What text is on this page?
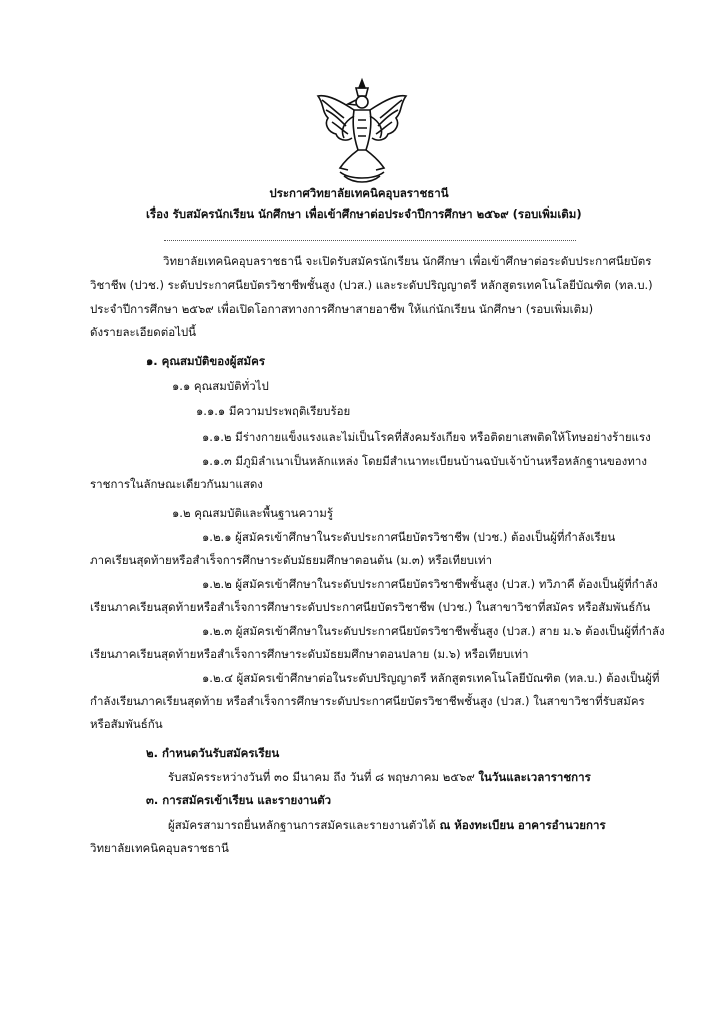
ประกาศวิทยาลัยเทคนิคอุบลราชธานี

เรื่อง รับสมัครนักเรียน นักศึกษา เพื่อเข้าศึกษาต่อประจำปีการศึกษา ๒๕๖๙ (รอบเพิ่มเติม)

วิทยาลัยเทคนิคอุบลราชธานี จะเปิดรับสมัครนักเรียน นักศึกษา เพื่อเข้าศึกษาต่อระดับประกาศนียบัตร

วิชาชีพ (ปวช.) ระดับประกาศนียบัตรวิชาชีพชั้นสูง (ปวส.) และระดับปริญญาตรี หลักสูตรเทคโนโลยีบัณฑิต (ทล.บ.)

ประจำปีการศึกษา ๒๕๖๙ เพื่อเปิดโอกาสทางการศึกษาสายอาชีพ ให้แก่นักเรียน นักศึกษา (รอบเพิ่มเติม)

ดังรายละเอียดต่อไปนี้

๑. คุณสมบัติของผู้สมัคร

๑.๑ คุณสมบัติทั่วไป

๑.๑.๑ มีความประพฤติเรียบร้อย

๑.๑.๒ มีร่างกายแข็งแรงและไม่เป็นโรคที่สังคมรังเกียจ หรือติดยาเสพติดให้โทษอย่างร้ายแรง

๑.๑.๓ มีภูมิลำเนาเป็นหลักแหล่ง โดยมีสำเนาทะเบียนบ้านฉบับเจ้าบ้านหรือหลักฐานของทาง

ราชการในลักษณะเดียวกันมาแสดง

๑.๒ คุณสมบัติและพื้นฐานความรู้

๑.๒.๑ ผู้สมัครเข้าศึกษาในระดับประกาศนียบัตรวิชาชีพ (ปวช.) ต้องเป็นผู้ที่กำลังเรียน

ภาคเรียนสุดท้ายหรือสำเร็จการศึกษาระดับมัธยมศึกษาตอนต้น (ม.๓) หรือเทียบเท่า

๑.๒.๒ ผู้สมัครเข้าศึกษาในระดับประกาศนียบัตรวิชาชีพชั้นสูง (ปวส.) ทวิภาคี ต้องเป็นผู้ที่กำลัง

เรียนภาคเรียนสุดท้ายหรือสำเร็จการศึกษาระดับประกาศนียบัตรวิชาชีพ (ปวช.) ในสาขาวิชาที่สมัคร หรือสัมพันธ์กัน

๑.๒.๓ ผู้สมัครเข้าศึกษาในระดับประกาศนียบัตรวิชาชีพชั้นสูง (ปวส.) สาย ม.๖ ต้องเป็นผู้ที่กำลัง

เรียนภาคเรียนสุดท้ายหรือสำเร็จการศึกษาระดับมัธยมศึกษาตอนปลาย (ม.๖) หรือเทียบเท่า

๑.๒.๔ ผู้สมัครเข้าศึกษาต่อในระดับปริญญาตรี หลักสูตรเทคโนโลยีบัณฑิต (ทล.บ.) ต้องเป็นผู้ที่

กำลังเรียนภาคเรียนสุดท้าย หรือสำเร็จการศึกษาระดับประกาศนียบัตรวิชาชีพชั้นสูง (ปวส.) ในสาขาวิชาที่รับสมัคร

หรือสัมพันธ์กัน

๒. กำหนดวันรับสมัครเรียน

รับสมัครระหว่างวันที่ ๓๐ มีนาคม ถึง วันที่ ๘ พฤษภาคม ๒๕๖๙ ในวันและเวลาราชการ

๓. การสมัครเข้าเรียน และรายงานตัว

ผู้สมัครสามารถยื่นหลักฐานการสมัครและรายงานตัวได้ ณ ห้องทะเบียน อาคารอำนวยการ

วิทยาลัยเทคนิคอุบลราชธานี
